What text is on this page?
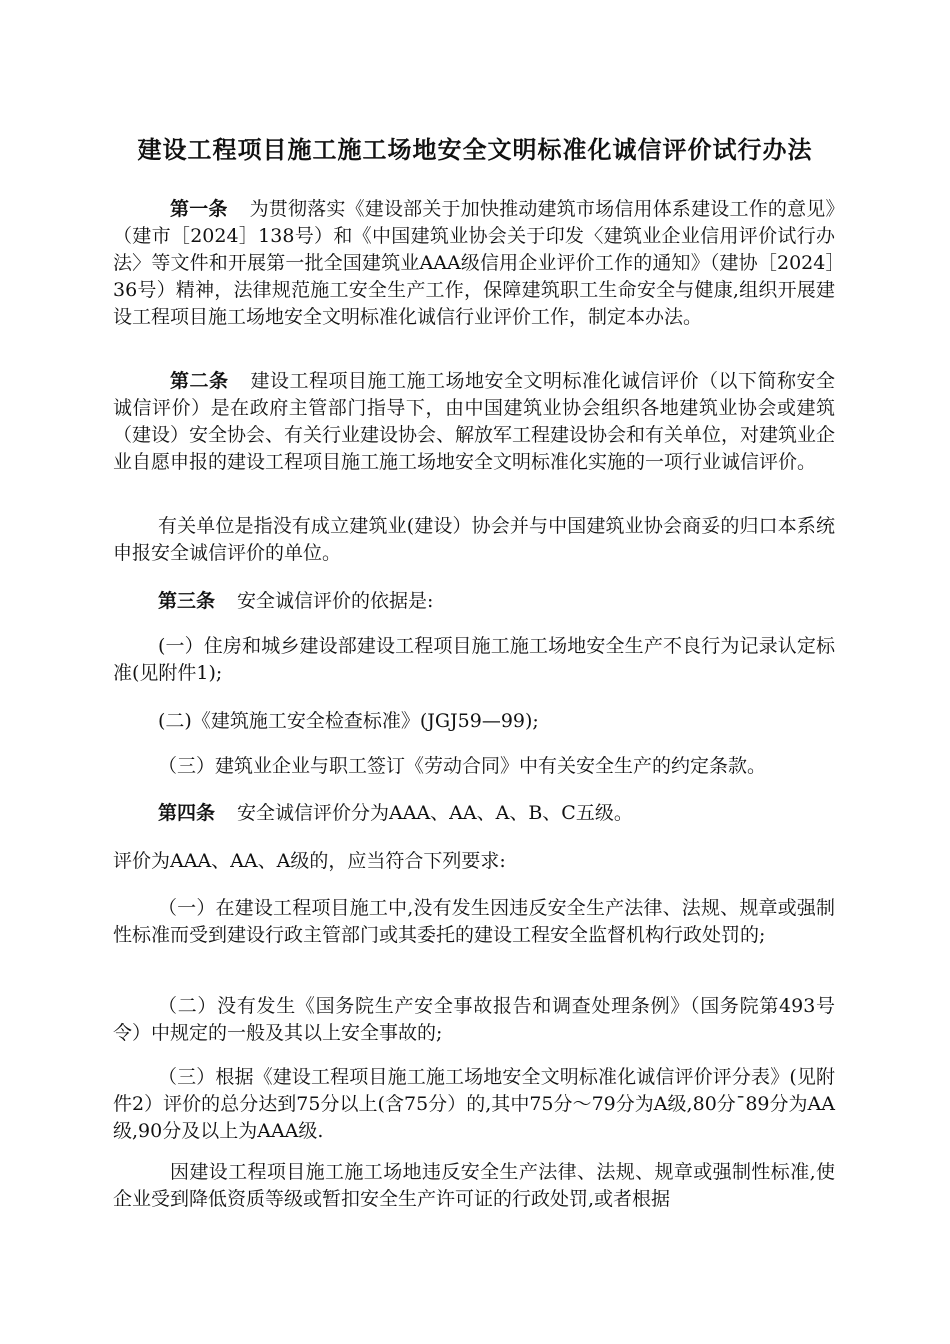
建设工程项目施工施工场地安全文明标准化诚信评价试行办法
第一条 为贯彻落实《建设部关于加快推动建筑市场信用体系建设工作的意见》（建市［2024］138号）和《中国建筑业协会关于印发〈建筑业企业信用评价试行办法〉等文件和开展第一批全国建筑业AAA级信用企业评价工作的通知》（建协［2024］36号）精神，法律规范施工安全生产工作，保障建筑职工生命安全与健康,组织开展建设工程项目施工场地安全文明标准化诚信行业评价工作，制定本办法。
第二条 建设工程项目施工施工场地安全文明标准化诚信评价（以下简称安全诚信评价）是在政府主管部门指导下，由中国建筑业协会组织各地建筑业协会或建筑（建设）安全协会、有关行业建设协会、解放军工程建设协会和有关单位，对建筑业企业自愿申报的建设工程项目施工施工场地安全文明标准化实施的一项行业诚信评价。
有关单位是指没有成立建筑业(建设）协会并与中国建筑业协会商妥的归口本系统申报安全诚信评价的单位。
第三条 安全诚信评价的依据是:
(一）住房和城乡建设部建设工程项目施工施工场地安全生产不良行为记录认定标准(见附件1);
(二)《建筑施工安全检查标准》(JGJ59—99);
（三）建筑业企业与职工签订《劳动合同》中有关安全生产的约定条款。
第四条 安全诚信评价分为AAA、AA、A、B、C五级。
评价为AAA、AA、A级的，应当符合下列要求:
（一）在建设工程项目施工中,没有发生因违反安全生产法律、法规、规章或强制性标准而受到建设行政主管部门或其委托的建设工程安全监督机构行政处罚的;
（二）没有发生《国务院生产安全事故报告和调查处理条例》（国务院第493号令）中规定的一般及其以上安全事故的;
（三）根据《建设工程项目施工施工场地安全文明标准化诚信评价评分表》(见附件2）评价的总分达到75分以上(含75分）的,其中75分～79分为A级,80分¯89分为AA级,90分及以上为AAA级.
因建设工程项目施工施工场地违反安全生产法律、法规、规章或强制性标准,使企业受到降低资质等级或暂扣安全生产许可证的行政处罚,或者根据
